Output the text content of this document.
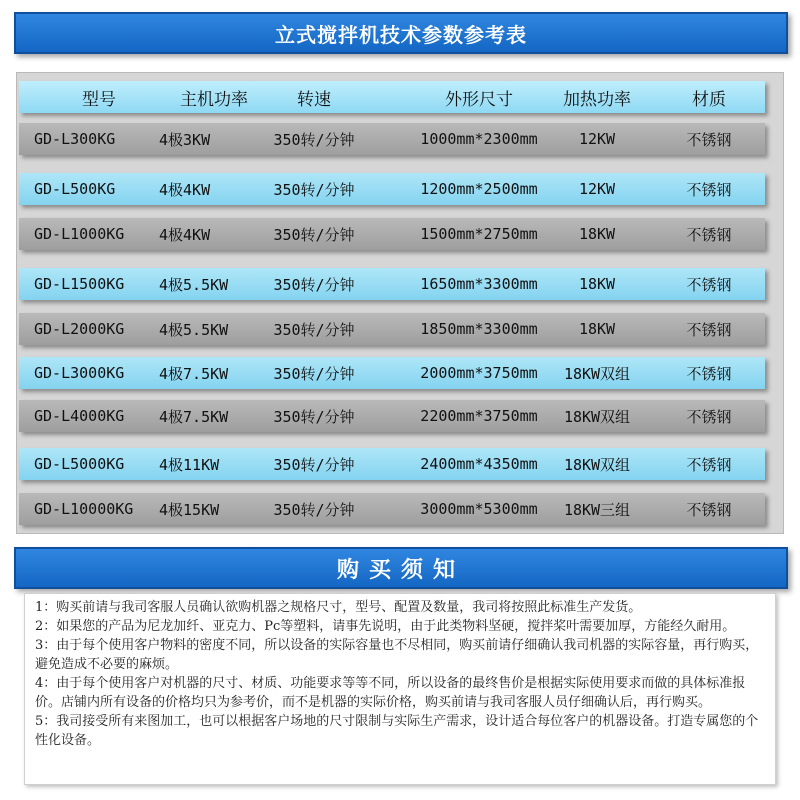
立式搅拌机技术参数参考表
型号	主机功率	转速	外形尺寸	加热功率	材质
GD-L300KG	4极3KW	350转/分钟	1000mm*2300mm	12KW	不锈钢
GD-L500KG	4极4KW	350转/分钟	1200mm*2500mm	12KW	不锈钢
GD-L1000KG	4极4KW	350转/分钟	1500mm*2750mm	18KW	不锈钢
GD-L1500KG	4极5.5KW	350转/分钟	1650mm*3300mm	18KW	不锈钢
GD-L2000KG	4极5.5KW	350转/分钟	1850mm*3300mm	18KW	不锈钢
GD-L3000KG	4极7.5KW	350转/分钟	2000mm*3750mm	18KW双组	不锈钢
GD-L4000KG	4极7.5KW	350转/分钟	2200mm*3750mm	18KW双组	不锈钢
GD-L5000KG	4极11KW	350转/分钟	2400mm*4350mm	18KW双组	不锈钢
GD-L10000KG	4极15KW	350转/分钟	3000mm*5300mm	18KW三组	不锈钢
购买须知

1：购买前请与我司客服人员确认欲购机器之规格尺寸，型号、配置及数量，我司将按照此标准生产发货。

2：如果您的产品为尼龙加纤、亚克力、Pc等塑料，请事先说明，由于此类物料坚硬，搅拌桨叶需要加厚，方能经久耐用。

3：由于每个使用客户物料的密度不同，所以设备的实际容量也不尽相同，购买前请仔细确认我司机器的实际容量，再行购买，避免造成不必要的麻烦。

4：由于每个使用客户对机器的尺寸、材质、功能要求等等不同，所以设备的最终售价是根据实际使用要求而做的具体标准报价。店铺内所有设备的价格均只为参考价，而不是机器的实际价格，购买前请与我司客服人员仔细确认后，再行购买。

5：我司接受所有来图加工，也可以根据客户场地的尺寸限制与实际生产需求，设计适合每位客户的机器设备。打造专属您的个性化设备。
